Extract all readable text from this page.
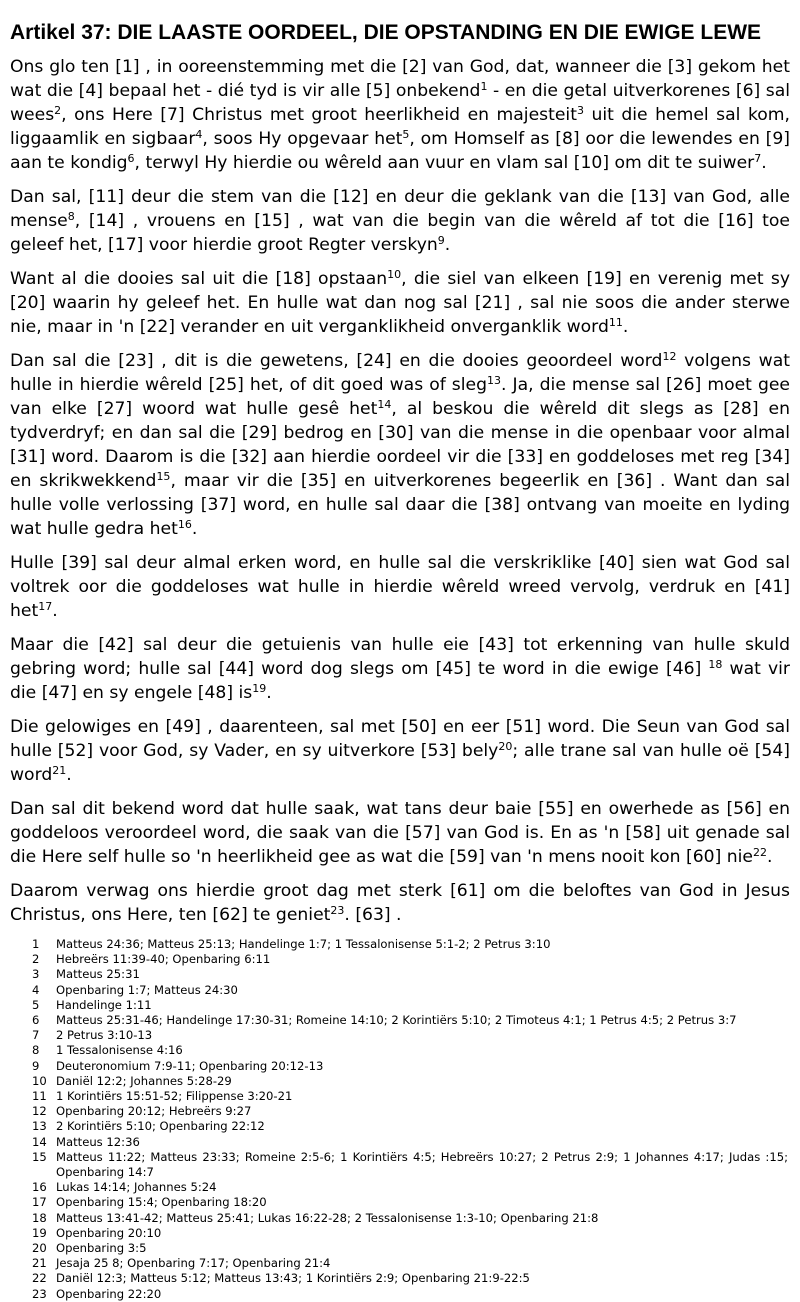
Artikel 37: DIE LAASTE OORDEEL, DIE OPSTANDING EN DIE EWIGE LEWE

Ons glo ten [1] , in ooreenstemming met die [2] van God, dat, wanneer die [3] gekom het wat die [4] bepaal het - dié tyd is vir alle [5] onbekend$^1$ - en die getal uitverkorenes [6] sal wees$^2$, ons Here [7] Christus met groot heerlikheid en majesteit$^3$ uit die hemel sal kom, liggaamlik en sigbaar$^4$, soos Hy opgevaar het$^5$, om Homself as [8] oor die lewendes en [9] aan te kondig$^6$, terwyl Hy hierdie ou wêreld aan vuur en vlam sal [10] om dit te suiwer$^7$.

Dan sal, [11] deur die stem van die [12] en deur die geklank van die [13] van God, alle mense$^8$, [14] , vrouens en [15] , wat van die begin van die wêreld af tot die [16] toe geleef het, [17] voor hierdie groot Regter verskyn$^9$.

Want al die dooies sal uit die [18] opstaan$^{10}$, die siel van elkeen [19] en verenig met sy [20] waarin hy geleef het. En hulle wat dan nog sal [21] , sal nie soos die ander sterwe nie, maar in 'n [22] verander en uit verganklikheid onverganklik word$^{11}$.

Dan sal die [23] , dit is die gewetens, [24] en die dooies geoordeel word$^{12}$ volgens wat hulle in hierdie wêreld [25] het, of dit goed was of sleg$^{13}$. Ja, die mense sal [26] moet gee van elke [27] woord wat hulle gesê het$^{14}$, al beskou die wêreld dit slegs as [28] en tydverdryf; en dan sal die [29] bedrog en [30] van die mense in die openbaar voor almal [31] word. Daarom is die [32] aan hierdie oordeel vir die [33] en goddeloses met reg [34] en skrikwekkend$^{15}$, maar vir die [35] en uitverkorenes begeerlik en [36] . Want dan sal hulle volle verlossing [37] word, en hulle sal daar die [38] ontvang van moeite en lyding wat hulle gedra het$^{16}$.

Hulle [39] sal deur almal erken word, en hulle sal die verskriklike [40] sien wat God sal voltrek oor die goddeloses wat hulle in hierdie wêreld wreed vervolg, verdruk en [41] het$^{17}$.

Maar die [42] sal deur die getuienis van hulle eie [43] tot erkenning van hulle skuld gebring word; hulle sal [44] word dog slegs om [45] te word in die ewige [46] $^{18}$ wat vir die [47] en sy engele [48] $is^{19}$.

Die gelowiges en [49] , daarenteen, sal met [50] en eer [51] word. Die Seun van God sal hulle [52] voor God, sy Vader, en sy uitverkore [53] bely$^{20}$; alle trane sal van hulle oë [54] word$^{21}$.

Dan sal dit bekend word dat hulle saak, wat tans deur baie [55] en owerhede as [56] en goddeloos veroordeel word, die saak van die [57] van God is. En as 'n [58] uit genade sal die Here self hulle so 'n heerlikheid gee as wat die [59] van 'n mens nooit kon [60] nie$^{22}$.

Daarom verwag ons hierdie groot dag met sterk [61] om die beloftes van God in Jesus Christus, ons Here, ten [62] te geniet$^{23}$. [63] .

1	Matteus 24:36; Matteus 25:13; Handelinge 1:7; 1 Tessalonisense 5:1-2; 2 Petrus 3:10
2	Hebreërs 11:39-40; Openbaring 6:11
3	Matteus 25:31
4	Openbaring 1:7; Matteus 24:30
5	Handelinge 1:11
6	Matteus 25:31-46; Handelinge 17:30-31; Romeine 14:10; 2 Korintiërs 5:10; 2 Timoteus 4:1; 1 Petrus 4:5; 2 Petrus 3:7
7	2 Petrus 3:10-13
8	1 Tessalonisense 4:16
9	Deuteronomium 7:9-11; Openbaring 20:12-13
10 Daniël 12:2; Johannes 5:28-29
11 1 Korintiërs 15:51-52; Filippense 3:20-21
12 Openbaring 20:12; Hebreërs 9:27
13 2 Korintiërs 5:10; Openbaring 22:12
14 Matteus 12:36
15 Matteus 11:22; Matteus 23:33; Romeine 2:5-6; 1 Korintiërs 4:5; Hebreërs 10:27; 2 Petrus 2:9; 1 Johannes 4:17; Judas :15; Openbaring 14:7
16 Lukas 14:14; Johannes 5:24
17 Openbaring 15:4; Openbaring 18:20
18 Matteus 13:41-42; Matteus 25:41; Lukas 16:22-28; 2 Tessalonisense 1:3-10; Openbaring 21:8
19 Openbaring 20:10
20 Openbaring 3:5
21 Jesaja 25 8; Openbaring 7:17; Openbaring 21:4
22 Daniël 12:3; Matteus 5:12; Matteus 13:43; 1 Korintiërs 2:9; Openbaring 21:9-22:5
23 Openbaring 22:20
